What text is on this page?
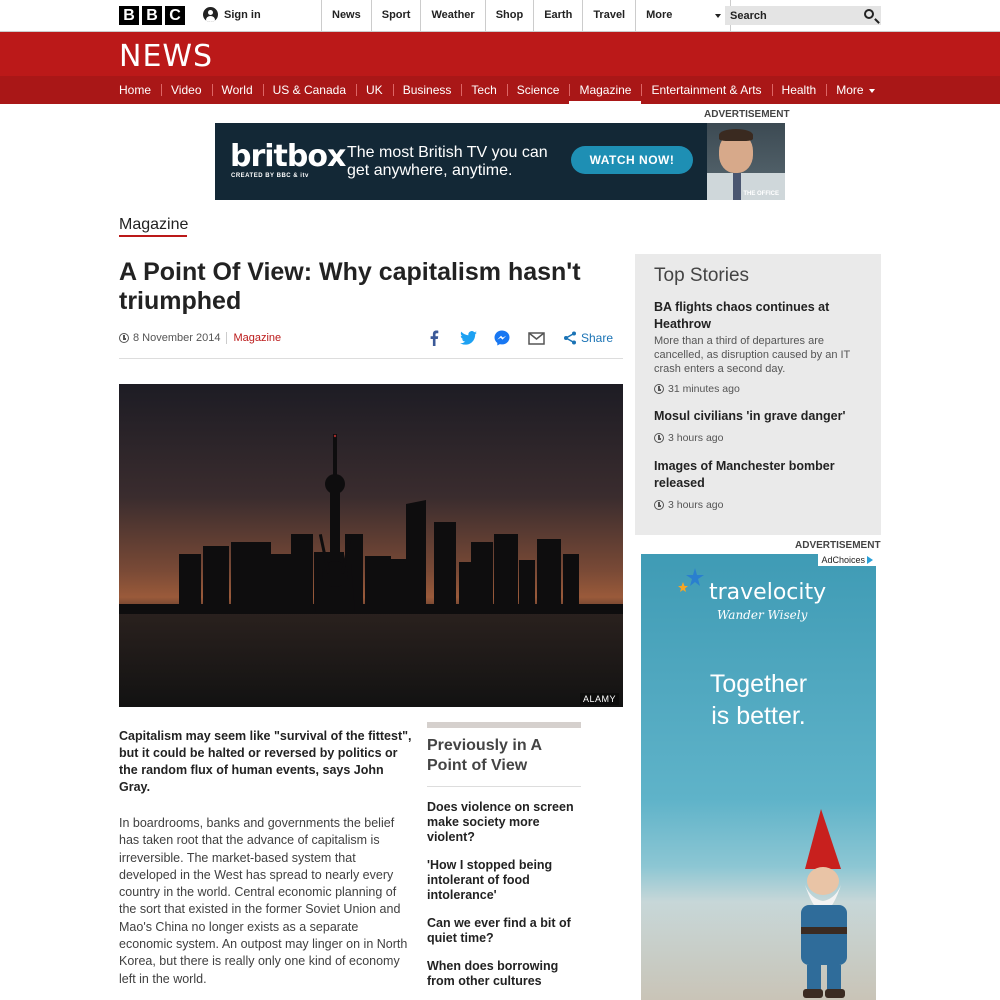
B B C	Sign in	News	Sport	Weather	Shop	Earth	Travel	More
Search
NEWS
Home	Video	World	US & Canada	UK	Business	Tech	Science	Magazine	Entertainment & Arts	Health	More
ADVERTISEMENT
britbox
CREATED BY BBC & itv
The most British TV you can get anywhere, anytime.
WATCH NOW!
THE OFFICE
Magazine
A Point Of View: Why capitalism hasn't triumphed
8 November 2014 Magazine	Share
ALAMY

Capitalism may seem like "survival of the fittest", but it could be halted or reversed by politics or the random flux of human events, says John Gray.

In boardrooms, banks and governments the belief has taken root that the advance of capitalism is irreversible. The market-based system that developed in the West has spread to nearly every country in the world. Central economic planning of the sort that existed in the former Soviet Union and Mao's China no longer exists as a separate economic system. An outpost may linger on in North Korea, but there is really only one kind of economy left in the world.

Previously in A Point of View
Does violence on screen make society more violent?
'How I stopped being intolerant of food intolerance'
Can we ever find a bit of quiet time?
When does borrowing from other cultures
Top Stories
BA flights chaos continues at Heathrow
More than a third of departures are cancelled, as disruption caused by an IT crash enters a second day.
31 minutes ago
Mosul civilians 'in grave danger'
3 hours ago
Images of Manchester bomber released
3 hours ago
ADVERTISEMENT
AdChoices
travelocity
Wander Wisely
Together
is better.
